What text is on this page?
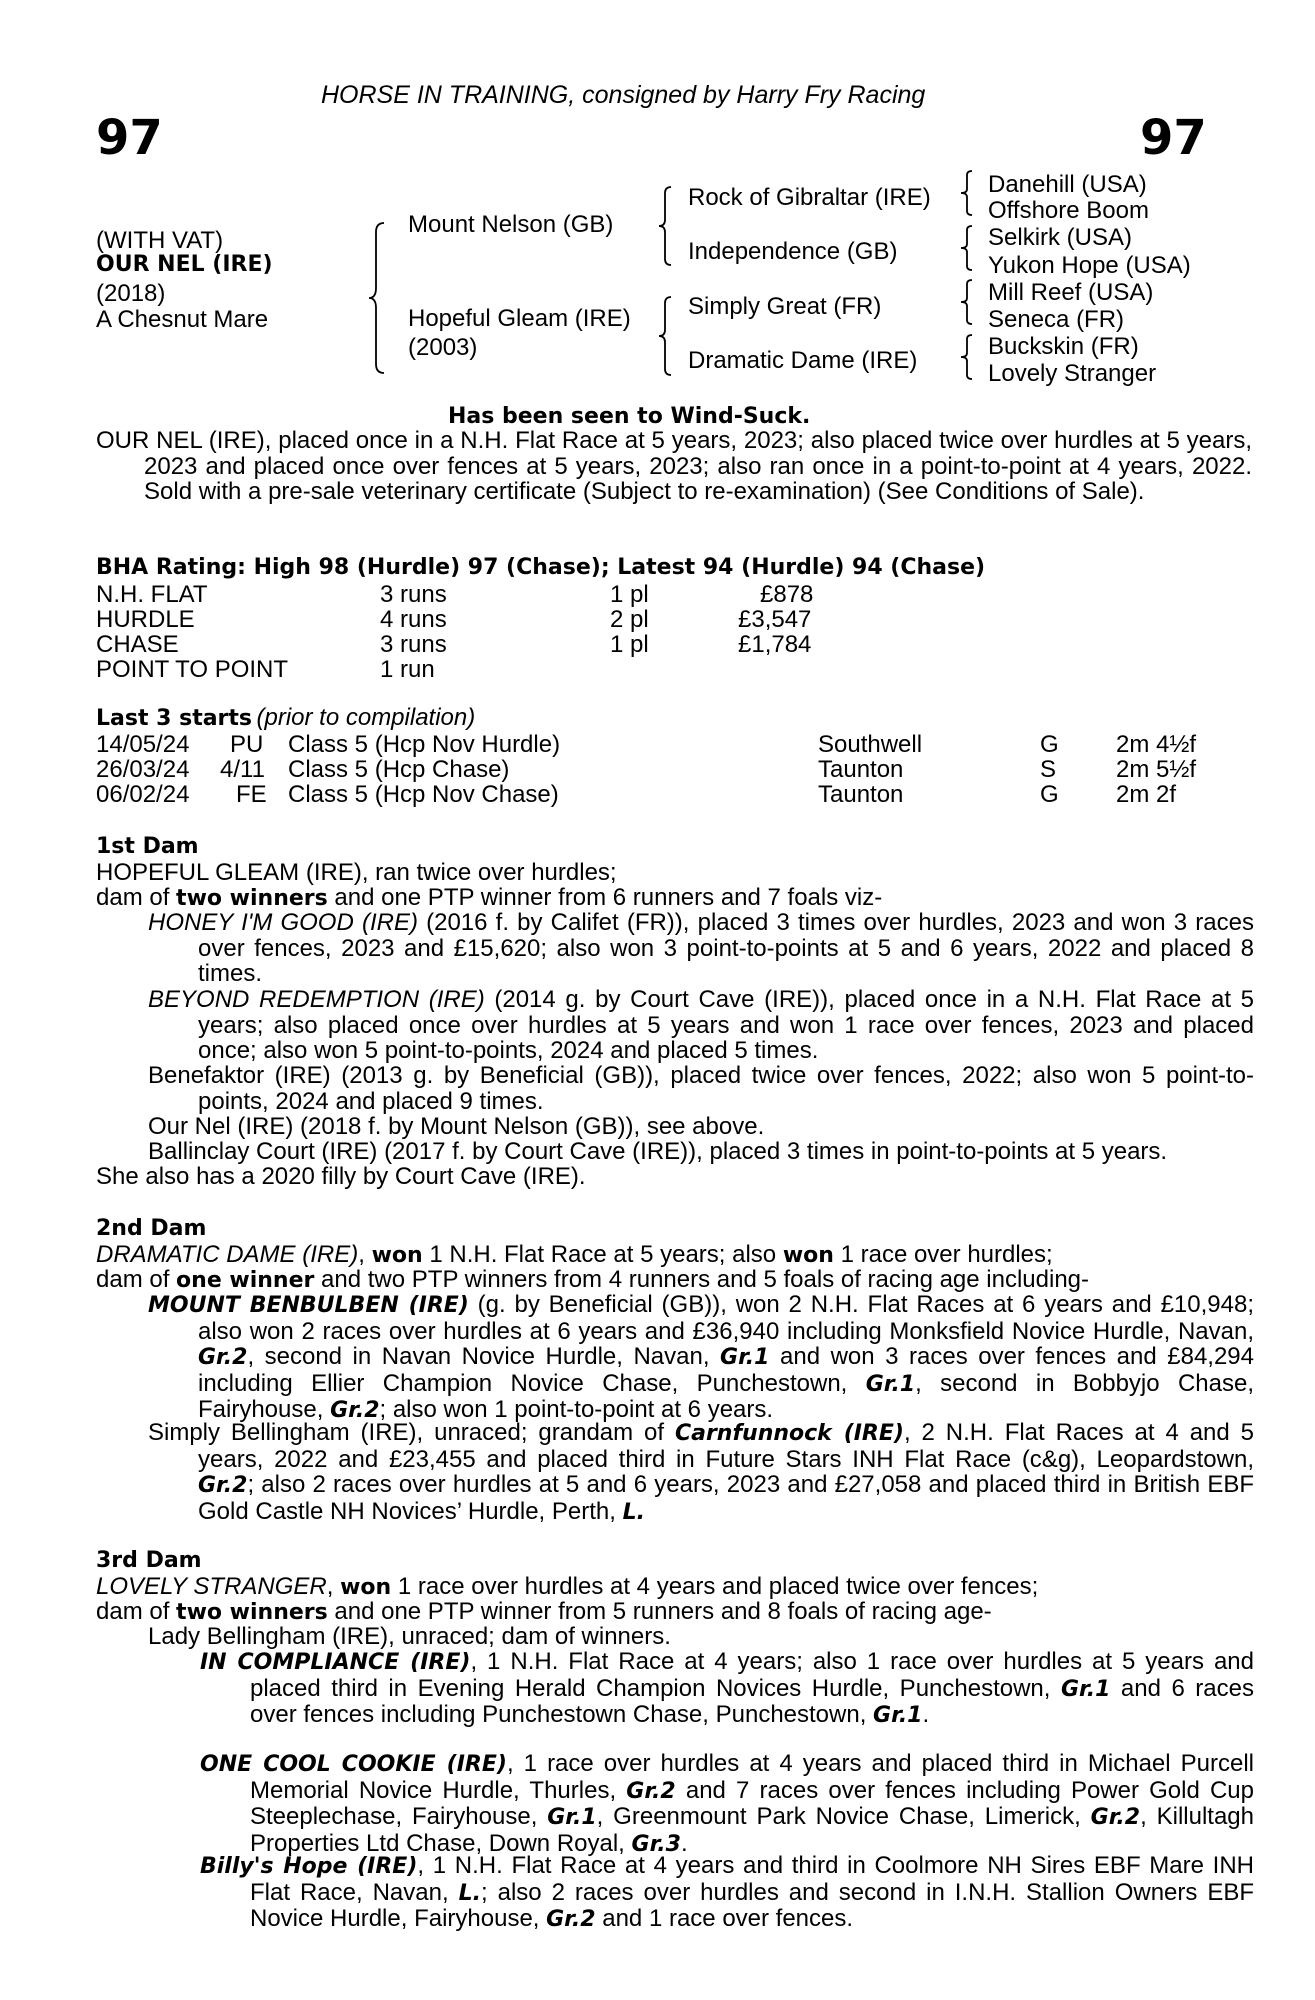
HORSE IN TRAINING, consigned by Harry Fry Racing
97	97
(WITH VAT)
OUR NEL (IRE)
(2018)
A Chesnut Mare
Mount Nelson (GB)
Hopeful Gleam (IRE)
(2003)
Rock of Gibraltar (IRE)
Independence (GB)
Simply Great (FR)
Dramatic Dame (IRE)
Danehill (USA)
Offshore Boom
Selkirk (USA)
Yukon Hope (USA)
Mill Reef (USA)
Seneca (FR)
Buckskin (FR)
Lovely Stranger
Has been seen to Wind-Suck.
OUR NEL (IRE), placed once in a N.H. Flat Race at 5 years, 2023; also placed twice over hurdles at 5 years, 2023 and placed once over fences at 5 years, 2023; also ran once in a point-to-point at 4 years, 2022. Sold with a pre-sale veterinary certificate (Subject to re-examination) (See Conditions of Sale).
BHA Rating: High 98 (Hurdle) 97 (Chase); Latest 94 (Hurdle) 94 (Chase)
N.H. FLAT	3 runs	1 pl	£878
HURDLE	4 runs	2 pl	£3,547
CHASE	3 runs	1 pl	£1,784
POINT TO POINT	1 run
Last 3 starts (prior to compilation)
14/05/24 PU Class 5 (Hcp Nov Hurdle)	Southwell	G 2m 4½f
26/03/24 4/11 Class 5 (Hcp Chase)	Taunton	S 2m 5½f
06/02/24 FE Class 5 (Hcp Nov Chase)	Taunton	G 2m 2f
1st Dam
HOPEFUL GLEAM (IRE), ran twice over hurdles;
dam of two winners and one PTP winner from 6 runners and 7 foals viz-
HONEY I'M GOOD (IRE) (2016 f. by Califet (FR)), placed 3 times over hurdles, 2023 and won 3 races over fences, 2023 and £15,620; also won 3 point-to-points at 5 and 6 years, 2022 and placed 8 times.
BEYOND REDEMPTION (IRE) (2014 g. by Court Cave (IRE)), placed once in a N.H. Flat Race at 5 years; also placed once over hurdles at 5 years and won 1 race over fences, 2023 and placed once; also won 5 point-to-points, 2024 and placed 5 times.
Benefaktor (IRE) (2013 g. by Beneficial (GB)), placed twice over fences, 2022; also won 5 point-to-points, 2024 and placed 9 times.
Our Nel (IRE) (2018 f. by Mount Nelson (GB)), see above.
Ballinclay Court (IRE) (2017 f. by Court Cave (IRE)), placed 3 times in point-to-points at 5 years.
She also has a 2020 filly by Court Cave (IRE).
2nd Dam
DRAMATIC DAME (IRE), won 1 N.H. Flat Race at 5 years; also won 1 race over hurdles;
dam of one winner and two PTP winners from 4 runners and 5 foals of racing age including-
MOUNT BENBULBEN (IRE) (g. by Beneficial (GB)), won 2 N.H. Flat Races at 6 years and £10,948; also won 2 races over hurdles at 6 years and £36,940 including Monksfield Novice Hurdle, Navan, Gr.2, second in Navan Novice Hurdle, Navan, Gr.1 and won 3 races over fences and £84,294 including Ellier Champion Novice Chase, Punchestown, Gr.1, second in Bobbyjo Chase, Fairyhouse, Gr.2; also won 1 point-to-point at 6 years.
Simply Bellingham (IRE), unraced; grandam of Carnfunnock (IRE), 2 N.H. Flat Races at 4 and 5 years, 2022 and £23,455 and placed third in Future Stars INH Flat Race (c&g), Leopardstown, Gr.2; also 2 races over hurdles at 5 and 6 years, 2023 and £27,058 and placed third in British EBF Gold Castle NH Novices’ Hurdle, Perth, L.
3rd Dam
LOVELY STRANGER, won 1 race over hurdles at 4 years and placed twice over fences;
dam of two winners and one PTP winner from 5 runners and 8 foals of racing age-
Lady Bellingham (IRE), unraced; dam of winners.
IN COMPLIANCE (IRE), 1 N.H. Flat Race at 4 years; also 1 race over hurdles at 5 years and placed third in Evening Herald Champion Novices Hurdle, Punchestown, Gr.1 and 6 races over fences including Punchestown Chase, Punchestown, Gr.1.
ONE COOL COOKIE (IRE), 1 race over hurdles at 4 years and placed third in Michael Purcell Memorial Novice Hurdle, Thurles, Gr.2 and 7 races over fences including Power Gold Cup Steeplechase, Fairyhouse, Gr.1, Greenmount Park Novice Chase, Limerick, Gr.2, Killultagh Properties Ltd Chase, Down Royal, Gr.3.
Billy's Hope (IRE), 1 N.H. Flat Race at 4 years and third in Coolmore NH Sires EBF Mare INH Flat Race, Navan, L.; also 2 races over hurdles and second in I.N.H. Stallion Owners EBF Novice Hurdle, Fairyhouse, Gr.2 and 1 race over fences.
